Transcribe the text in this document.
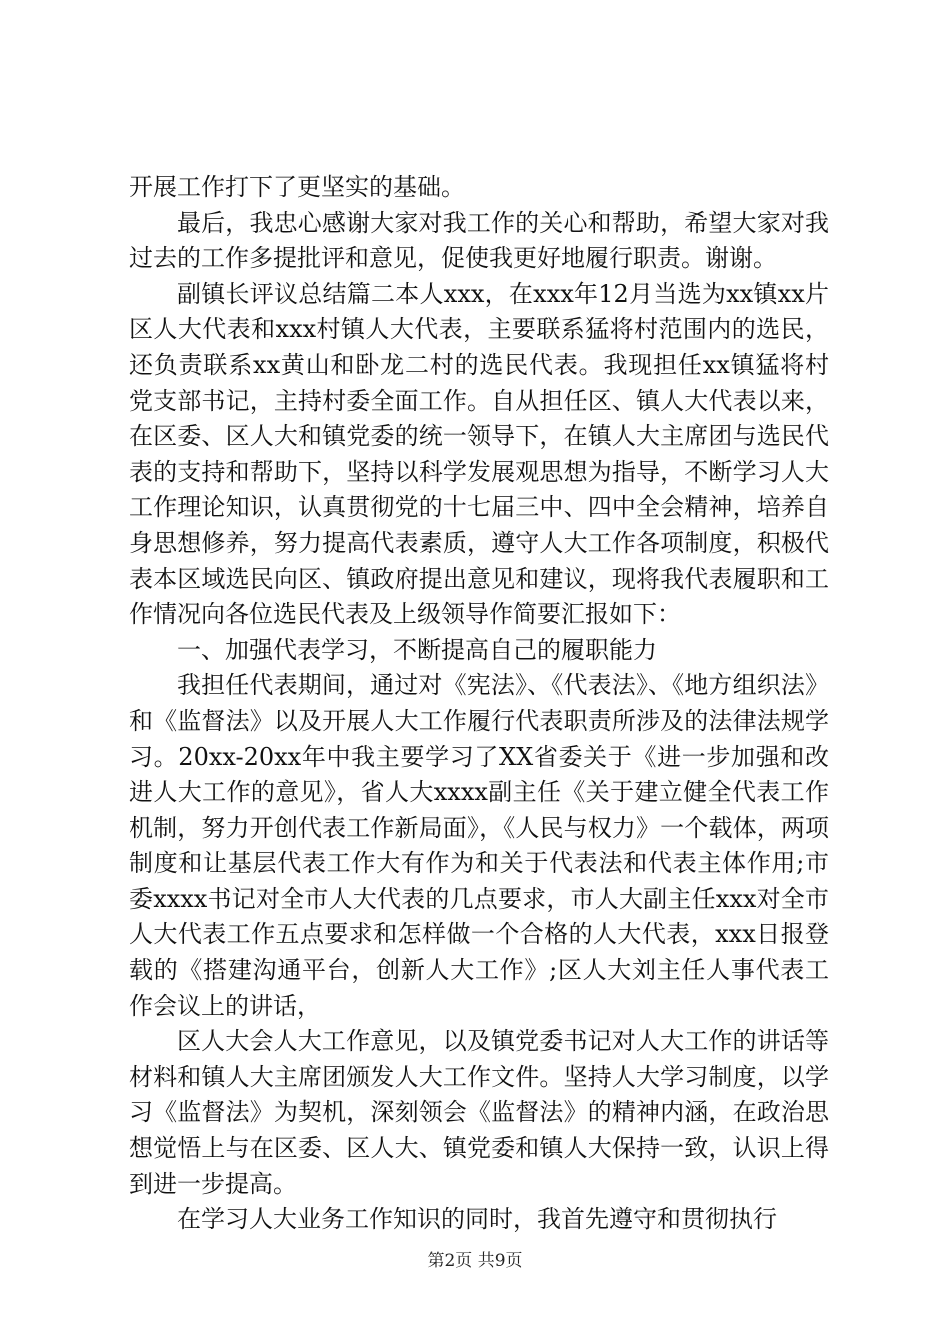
开展工作打下了更坚实的基础。

最后，我忠心感谢大家对我工作的关心和帮助，希望大家对我过去的工作多提批评和意见，促使我更好地履行职责。谢谢。

副镇长评议总结篇二本人xxx，在xxx年12月当选为xx镇xx片区人大代表和xxx村镇人大代表，主要联系猛将村范围内的选民，还负责联系xx黄山和卧龙二村的选民代表。我现担任xx镇猛将村党支部书记，主持村委全面工作。自从担任区、镇人大代表以来，在区委、区人大和镇党委的统一领导下，在镇人大主席团与选民代表的支持和帮助下，坚持以科学发展观思想为指导，不断学习人大工作理论知识，认真贯彻党的十七届三中、四中全会精神，培养自身思想修养，努力提高代表素质，遵守人大工作各项制度，积极代表本区域选民向区、镇政府提出意见和建议，现将我代表履职和工作情况向各位选民代表及上级领导作简要汇报如下：

一、加强代表学习，不断提高自己的履职能力

我担任代表期间，通过对《宪法》、《代表法》、《地方组织法》和《监督法》以及开展人大工作履行代表职责所涉及的法律法规学习。20xx-20xx年中我主要学习了XX省委关于《进一步加强和改进人大工作的意见》，省人大xxxx副主任《关于建立健全代表工作机制，努力开创代表工作新局面》，《人民与权力》一个载体，两项制度和让基层代表工作大有作为和关于代表法和代表主体作用;市委xxxx书记对全市人大代表的几点要求，市人大副主任xxx对全市人大代表工作五点要求和怎样做一个合格的人大代表，xxx日报登载的《搭建沟通平台，创新人大工作》;区人大刘主任人事代表工作会议上的讲话，

区人大会人大工作意见，以及镇党委书记对人大工作的讲话等材料和镇人大主席团颁发人大工作文件。坚持人大学习制度，以学习《监督法》为契机，深刻领会《监督法》的精神内涵，在政治思想觉悟上与在区委、区人大、镇党委和镇人大保持一致，认识上得到进一步提高。

在学习人大业务工作知识的同时，我首先遵守和贯彻执行

第2页 共9页
